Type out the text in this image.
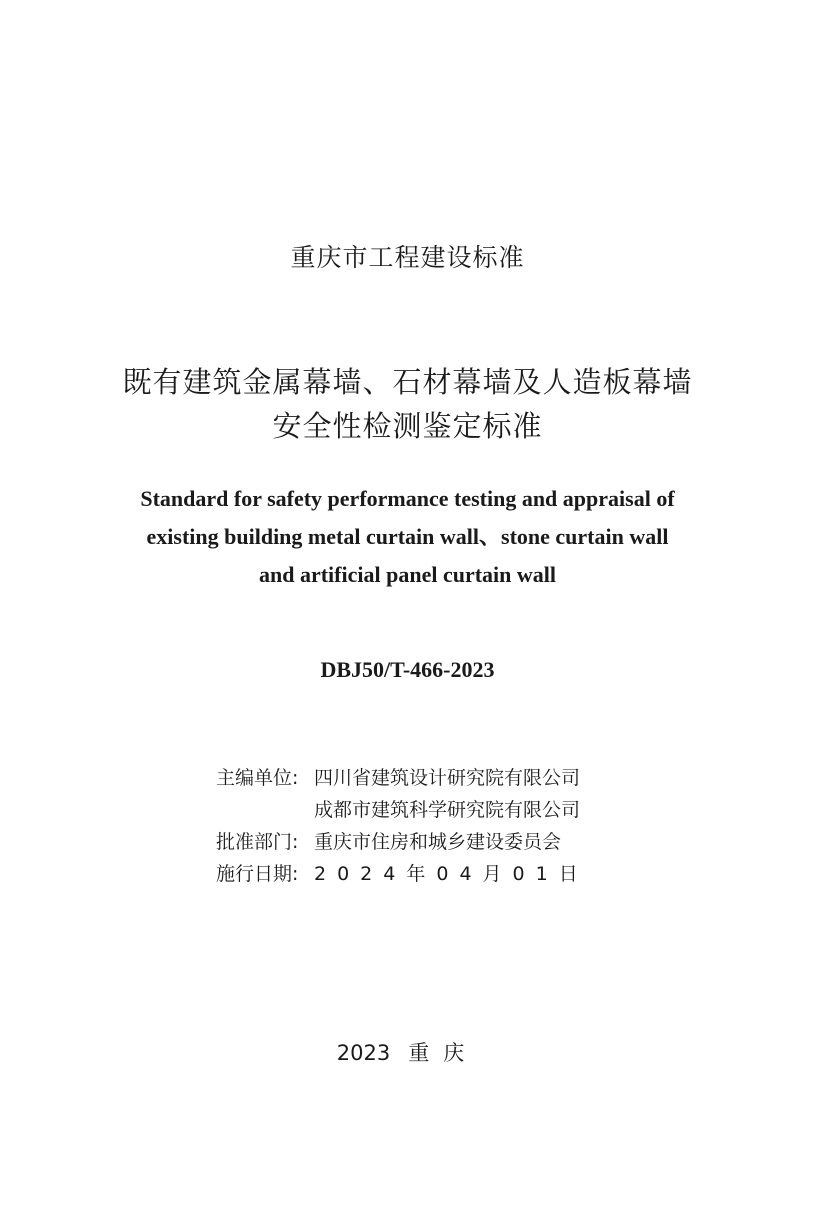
重庆市工程建设标准
既有建筑金属幕墙、石材幕墙及人造板幕墙
安全性检测鉴定标准
Standard for safety performance testing and appraisal of
existing building metal curtain wall、stone curtain wall
and artificial panel curtain wall
DBJ50/T-466-2023
主编单位: 四川省建筑设计研究院有限公司
成都市建筑科学研究院有限公司
批准部门: 重庆市住房和城乡建设委员会
施行日期: 2024年04月01日
2023 重庆
